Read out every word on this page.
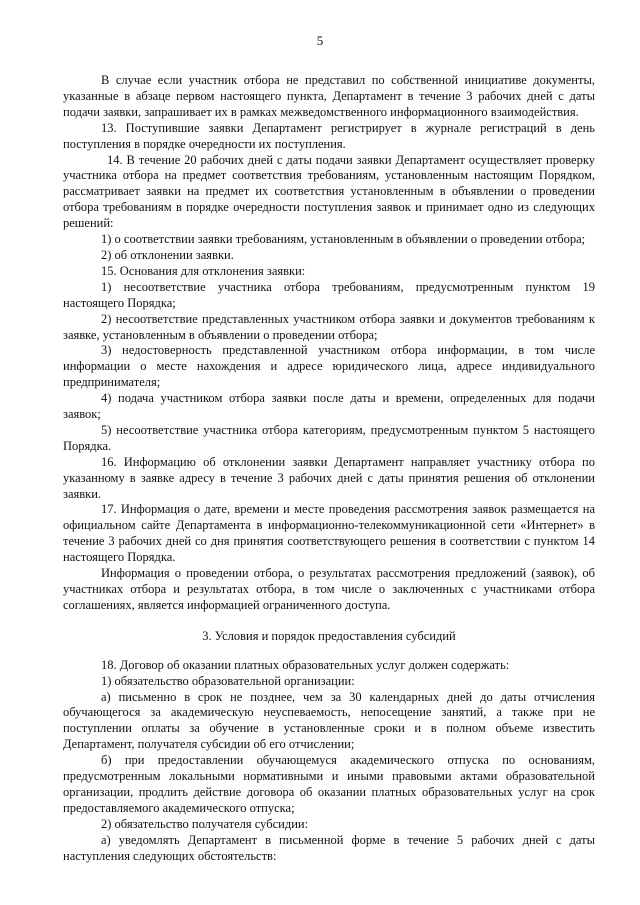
5

В случае если участник отбора не представил по собственной инициативе документы, указанные в абзаце первом настоящего пункта, Департамент в течение 3 рабочих дней с даты подачи заявки, запрашивает их в рамках межведомственного информационного взаимодействия.

13. Поступившие заявки Департамент регистрирует в журнале регистраций в день поступления в порядке очередности их поступления.

14. В течение 20 рабочих дней с даты подачи заявки Департамент осуществляет проверку участника отбора на предмет соответствия требованиям, установленным настоящим Порядком, рассматривает заявки на предмет их соответствия установленным в объявлении о проведении отбора требованиям в порядке очередности поступления заявок и принимает одно из следующих решений:

1) о соответствии заявки требованиям, установленным в объявлении о проведении отбора;

2) об отклонении заявки.

15. Основания для отклонения заявки:

1) несоответствие участника отбора требованиям, предусмотренным пунктом 19 настоящего Порядка;

2) несоответствие представленных участником отбора заявки и документов требованиям к заявке, установленным в объявлении о проведении отбора;

3) недостоверность представленной участником отбора информации, в том числе информации о месте нахождения и адресе юридического лица, адресе индивидуального предпринимателя;

4) подача участником отбора заявки после даты и времени, определенных для подачи заявок;

5) несоответствие участника отбора категориям, предусмотренным пунктом 5 настоящего Порядка.

16. Информацию об отклонении заявки Департамент направляет участнику отбора по указанному в заявке адресу в течение 3 рабочих дней с даты принятия решения об отклонении заявки.

17. Информация о дате, времени и месте проведения рассмотрения заявок размещается на официальном сайте Департамента в информационно-телекоммуникационной сети «Интернет» в течение 3 рабочих дней со дня принятия соответствующего решения в соответствии с пунктом 14 настоящего Порядка.

Информация о проведении отбора, о результатах рассмотрения предложений (заявок), об участниках отбора и результатах отбора, в том числе о заключенных с участниками отбора соглашениях, является информацией ограниченного доступа.

3. Условия и порядок предоставления субсидий

18. Договор об оказании платных образовательных услуг должен содержать:

1) обязательство образовательной организации:

а) письменно в срок не позднее, чем за 30 календарных дней до даты отчисления обучающегося за академическую неуспеваемость, непосещение занятий, а также при не поступлении оплаты за обучение в установленные сроки и в полном объеме известить Департамент, получателя субсидии об его отчислении;

б) при предоставлении обучающемуся академического отпуска по основаниям, предусмотренным локальными нормативными и иными правовыми актами образовательной организации, продлить действие договора об оказании платных образовательных услуг на срок предоставляемого академического отпуска;

2) обязательство получателя субсидии:

а) уведомлять Департамент в письменной форме в течение 5 рабочих дней с даты наступления следующих обстоятельств:
